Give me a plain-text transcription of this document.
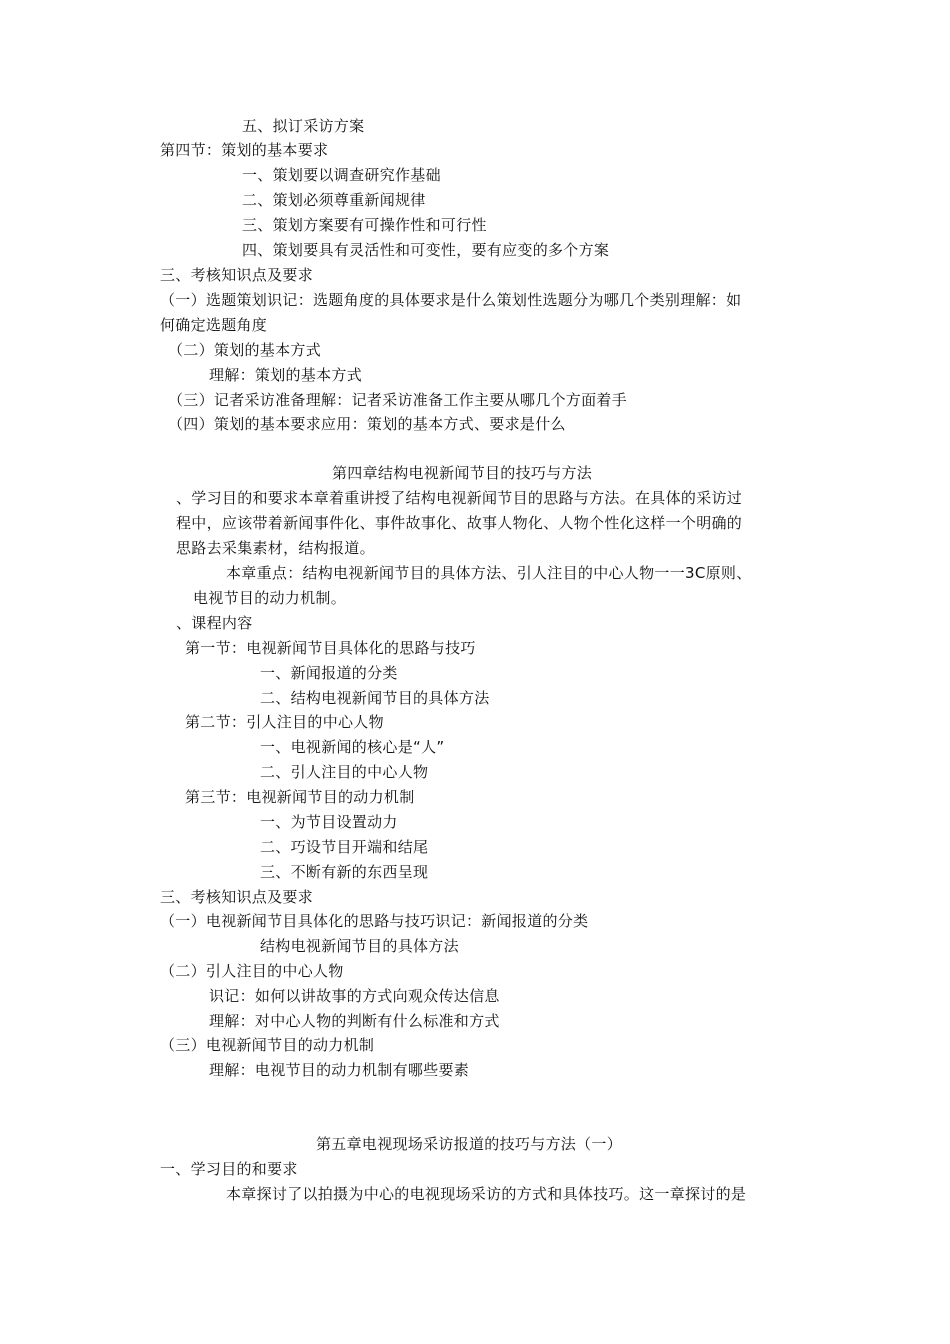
五、拟订采访方案
第四节：策划的基本要求
一、策划要以调查研究作基础
二、策划必须尊重新闻规律
三、策划方案要有可操作性和可行性
四、策划要具有灵活性和可变性，要有应变的多个方案
三、考核知识点及要求
（一）选题策划识记：选题角度的具体要求是什么策划性选题分为哪几个类别理解：如
何确定选题角度
（二）策划的基本方式
理解：策划的基本方式
（三）记者采访准备理解：记者采访准备工作主要从哪几个方面着手
（四）策划的基本要求应用：策划的基本方式、要求是什么
第四章结构电视新闻节目的技巧与方法
、学习目的和要求本章着重讲授了结构电视新闻节目的思路与方法。在具体的采访过
程中，应该带着新闻事件化、事件故事化、故事人物化、人物个性化这样一个明确的
思路去采集素材，结构报道。
本章重点：结构电视新闻节目的具体方法、引人注目的中心人物一一3C原则、
电视节目的动力机制。
、课程内容
第一节：电视新闻节目具体化的思路与技巧
一、新闻报道的分类
二、结构电视新闻节目的具体方法
第二节：引人注目的中心人物
一、电视新闻的核心是“人”
二、引人注目的中心人物
第三节：电视新闻节目的动力机制
一、为节目设置动力
二、巧设节目开端和结尾
三、不断有新的东西呈现
三、考核知识点及要求
（一）电视新闻节目具体化的思路与技巧识记：新闻报道的分类
结构电视新闻节目的具体方法
（二）引人注目的中心人物
识记：如何以讲故事的方式向观众传达信息
理解：对中心人物的判断有什么标准和方式
（三）电视新闻节目的动力机制
理解：电视节目的动力机制有哪些要素
第五章电视现场采访报道的技巧与方法（一）
一、学习目的和要求
本章探讨了以拍摄为中心的电视现场采访的方式和具体技巧。这一章探讨的是
